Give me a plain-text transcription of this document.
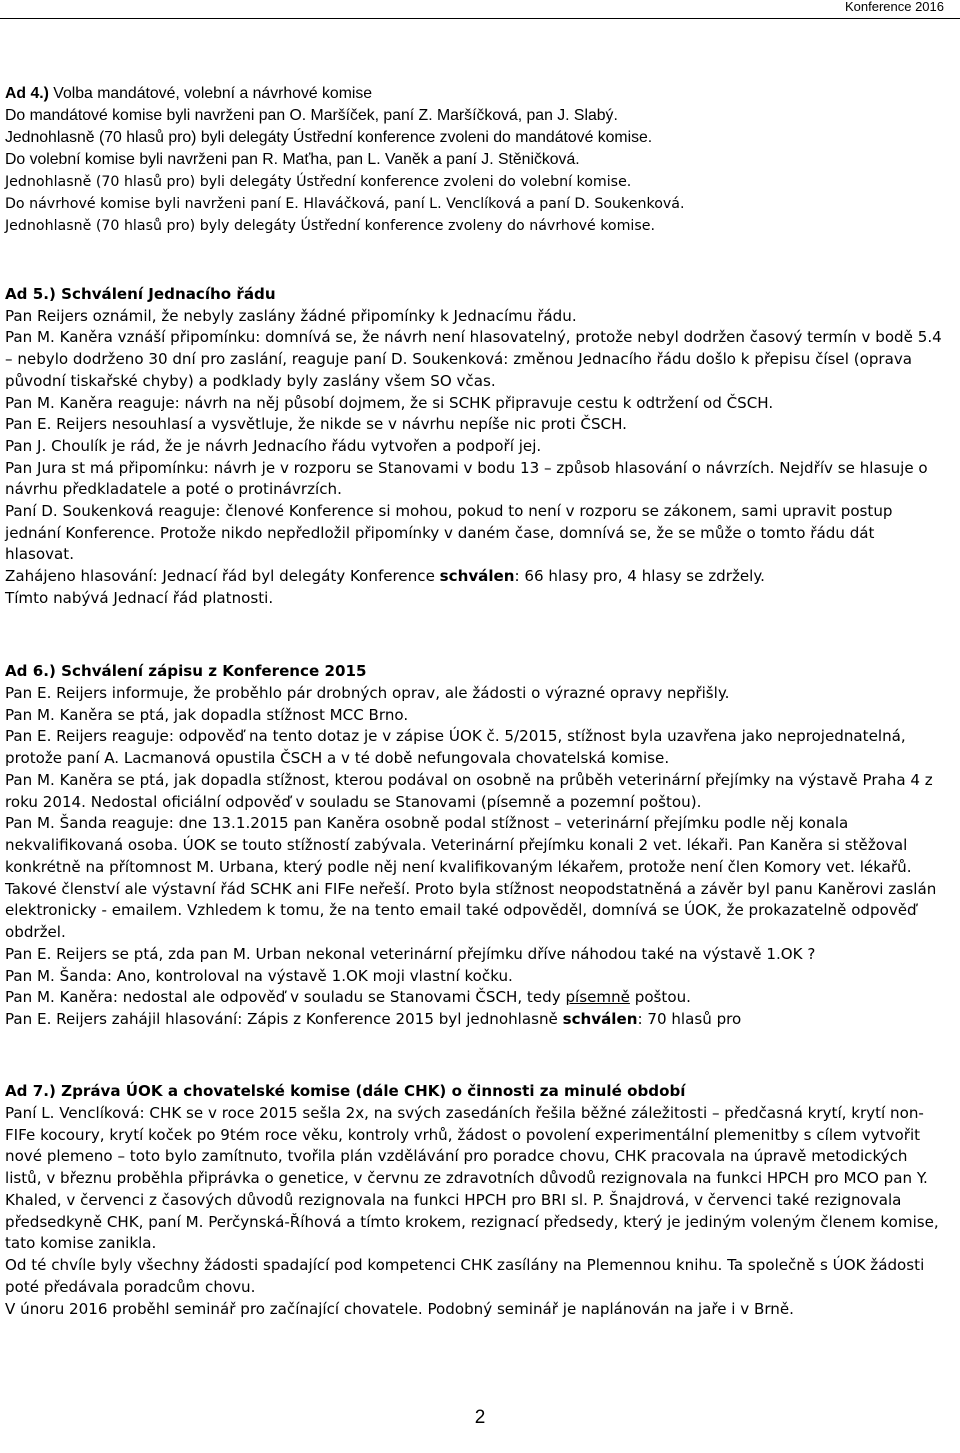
Konference 2016

Ad 4.) Volba mandátové, volební a návrhové komise

Do mandátové komise byli navrženi pan O. Maršíček, paní Z. Maršíčková, pan J. Slabý.

Jednohlasně (70 hlasů pro) byli delegáty Ústřední konference zvoleni do mandátové komise.

Do volební komise byli navrženi pan R. Maťha, pan L. Vaněk a paní J. Stěničková.

Jednohlasně (70 hlasů pro) byli delegáty Ústřední konference zvoleni do volební komise.

Do návrhové komise byli navrženi paní E. Hlaváčková, paní L. Venclíková a paní D. Soukenková.

Jednohlasně (70 hlasů pro) byly delegáty Ústřední konference zvoleny do návrhové komise.

Ad 5.) Schválení Jednacího řádu

Pan Reijers oznámil, že nebyly zaslány žádné připomínky k Jednacímu řádu.

Pan M. Kaněra vznáší připomínku: domnívá se, že návrh není hlasovatelný, protože nebyl dodržen časový termín v bodě 5.4 – nebylo dodrženo 30 dní pro zaslání, reaguje paní D. Soukenková: změnou Jednacího řádu došlo k přepisu čísel (oprava původní tiskařské chyby) a podklady byly zaslány všem SO včas.

Pan M. Kaněra reaguje: návrh na něj působí dojmem, že si SCHK připravuje cestu k odtržení od ČSCH.

Pan E. Reijers nesouhlasí a vysvětluje, že nikde se v návrhu nepíše nic proti ČSCH.

Pan J. Choulík je rád, že je návrh Jednacího řádu vytvořen a podpoří jej.

Pan Jura st má připomínku: návrh je v rozporu se Stanovami v bodu 13 – způsob hlasování o návrzích. Nejdřív se hlasuje o návrhu předkladatele a poté o protinávrzích.

Paní D. Soukenková reaguje: členové Konference si mohou, pokud to není v rozporu se zákonem, sami upravit postup jednání Konference. Protože nikdo nepředložil připomínky v daném čase, domnívá se, že se může o tomto řádu dát hlasovat.

Zahájeno hlasování: Jednací řád byl delegáty Konference schválen: 66 hlasy pro, 4 hlasy se zdržely.

Tímto nabývá Jednací řád platnosti.

Ad 6.) Schválení zápisu z Konference 2015

Pan E. Reijers informuje, že proběhlo pár drobných oprav, ale žádosti o výrazné opravy nepřišly.

Pan M. Kaněra se ptá, jak dopadla stížnost MCC Brno.

Pan E. Reijers reaguje: odpověď na tento dotaz je v zápise ÚOK č. 5/2015, stížnost byla uzavřena jako neprojednatelná, protože paní A. Lacmanová opustila ČSCH a v té době nefungovala chovatelská komise.

Pan M. Kaněra se ptá, jak dopadla stížnost, kterou podával on osobně na průběh veterinární přejímky na výstavě Praha 4 z roku 2014. Nedostal oficiální odpověď v souladu se Stanovami (písemně a pozemní poštou).

Pan M. Šanda reaguje: dne 13.1.2015 pan Kaněra osobně podal stížnost – veterinární přejímku podle něj konala nekvalifikovaná osoba. ÚOK se touto stížností zabývala. Veterinární přejímku konali 2 vet. lékaři. Pan Kaněra si stěžoval konkrétně na přítomnost M. Urbana, který podle něj není kvalifikovaným lékařem, protože není člen Komory vet. lékařů. Takové členství ale výstavní řád SCHK ani FIFe neřeší. Proto byla stížnost neopodstatněná a závěr byl panu Kaněrovi zaslán elektronicky - emailem. Vzhledem k tomu, že na tento email také odpověděl, domnívá se ÚOK, že prokazatelně odpověď obdržel.

Pan E. Reijers se ptá, zda pan M. Urban nekonal veterinární přejímku dříve náhodou také na výstavě 1.OK ?

Pan M. Šanda: Ano, kontroloval na výstavě 1.OK moji vlastní kočku.

Pan M. Kaněra: nedostal ale odpověď v souladu se Stanovami ČSCH, tedy písemně poštou.

Pan E. Reijers zahájil hlasování: Zápis z Konference 2015 byl jednohlasně schválen: 70 hlasů pro

Ad 7.) Zpráva ÚOK a chovatelské komise (dále CHK) o činnosti za minulé období

Paní L. Venclíková: CHK se v roce 2015 sešla 2x, na svých zasedáních řešila běžné záležitosti – předčasná krytí, krytí non-FIFe kocoury, krytí koček po 9tém roce věku, kontroly vrhů, žádost o povolení experimentální plemenitby s cílem vytvořit nové plemeno – toto bylo zamítnuto, tvořila plán vzdělávání pro poradce chovu, CHK pracovala na úpravě metodických listů, v březnu proběhla připrávka o genetice, v červnu ze zdravotních důvodů rezignovala na funkci HPCH pro MCO pan Y. Khaled, v červenci z časových důvodů rezignovala na funkci HPCH pro BRI sl. P. Šnajdrová, v červenci také rezignovala předsedkyně CHK, paní M. Perčynská-Říhová a tímto krokem, rezignací předsedy, který je jediným voleným členem komise, tato komise zanikla.

Od té chvíle byly všechny žádosti spadající pod kompetenci CHK zasílány na Plemennou knihu. Ta společně s ÚOK žádosti poté předávala poradcům chovu.

V únoru 2016 proběhl seminář pro začínající chovatele. Podobný seminář je naplánován na jaře i v Brně.

2
